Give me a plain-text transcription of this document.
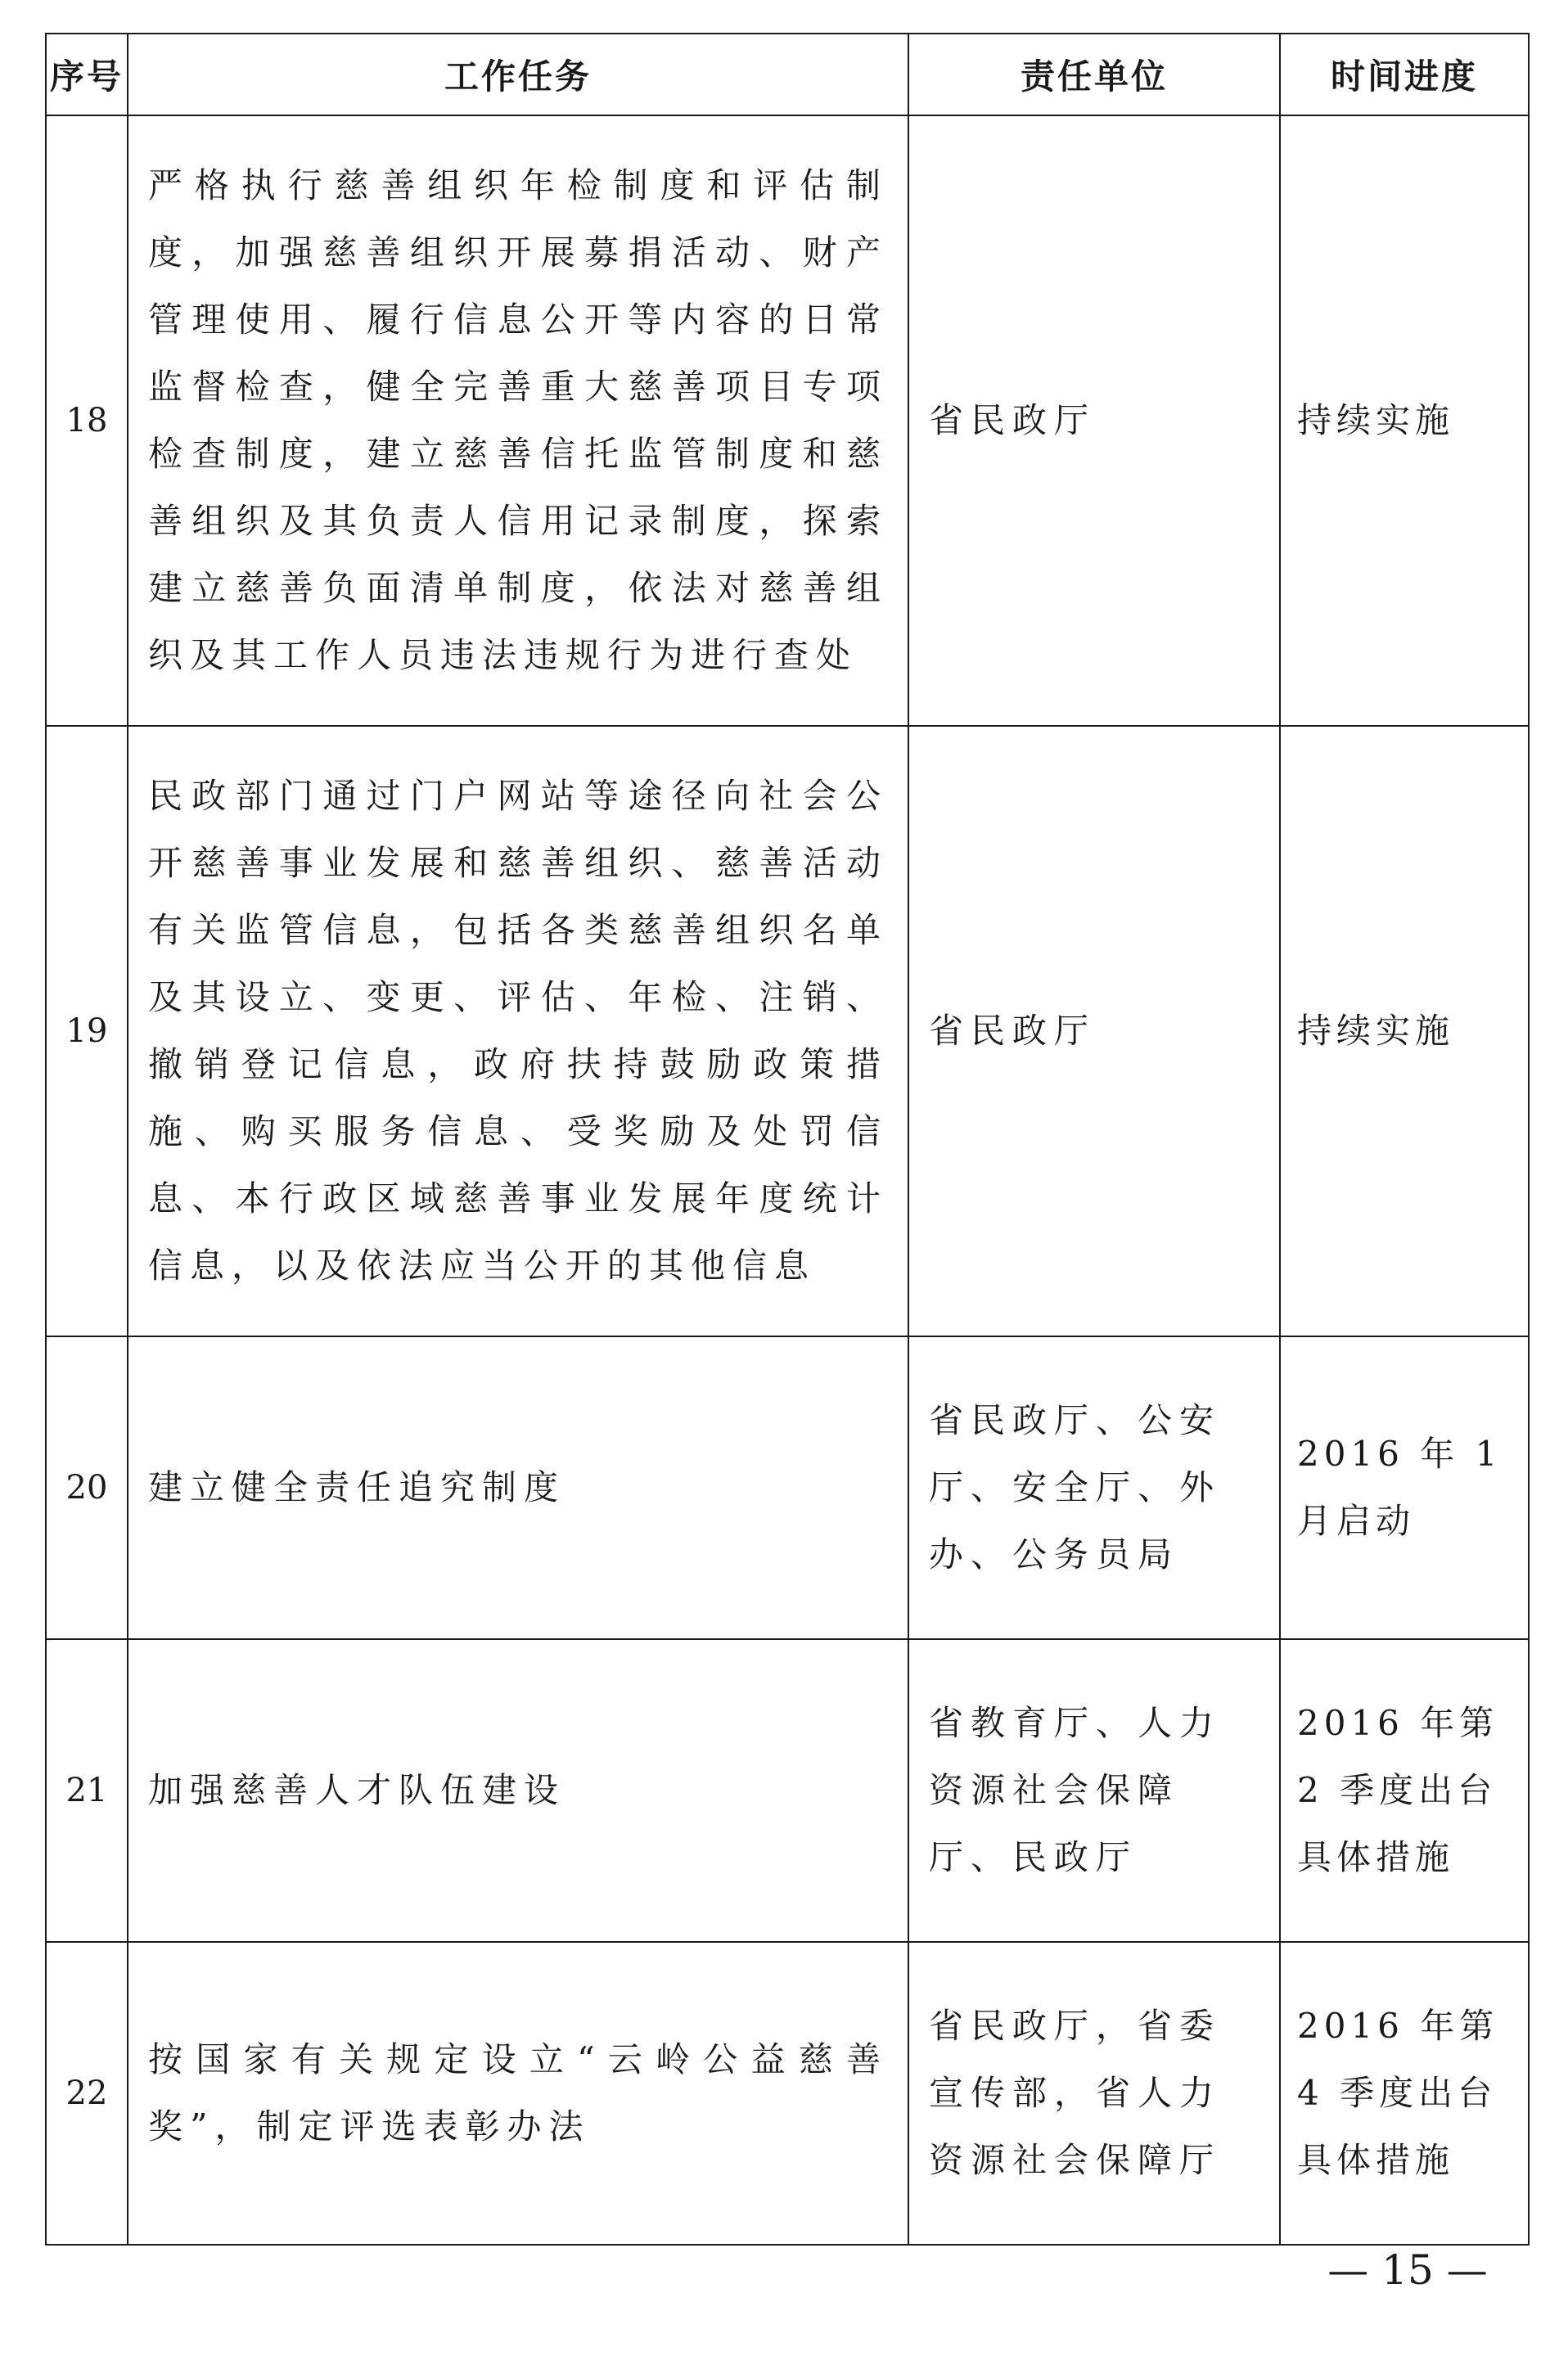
序号	工作任务	责任单位	时间进度
18	严格执行慈善组织年检制度和评估制度，加强慈善组织开展募捐活动、财产管理使用、履行信息公开等内容的日常监督检查，健全完善重大慈善项目专项检查制度，建立慈善信托监管制度和慈善组织及其负责人信用记录制度，探索建立慈善负面清单制度，依法对慈善组织及其工作人员违法违规行为进行查处	省民政厅	持续实施
19	民政部门通过门户网站等途径向社会公开慈善事业发展和慈善组织、慈善活动有关监管信息，包括各类慈善组织名单及其设立、变更、评估、年检、注销、撤销登记信息，政府扶持鼓励政策措施、购买服务信息、受奖励及处罚信息、本行政区域慈善事业发展年度统计信息，以及依法应当公开的其他信息	省民政厅	持续实施
20	建立健全责任追究制度	省民政厅、公安厅、安全厅、外办、公务员局	2016 年 1 月启动
21	加强慈善人才队伍建设	省教育厅、人力资源社会保障厅、民政厅	2016 年第 2 季度出台具体措施
22	按国家有关规定设立“云岭公益慈善奖”，制定评选表彰办法	省民政厅，省委宣传部，省人力资源社会保障厅	2016 年第 4 季度出台具体措施
— 15 —
